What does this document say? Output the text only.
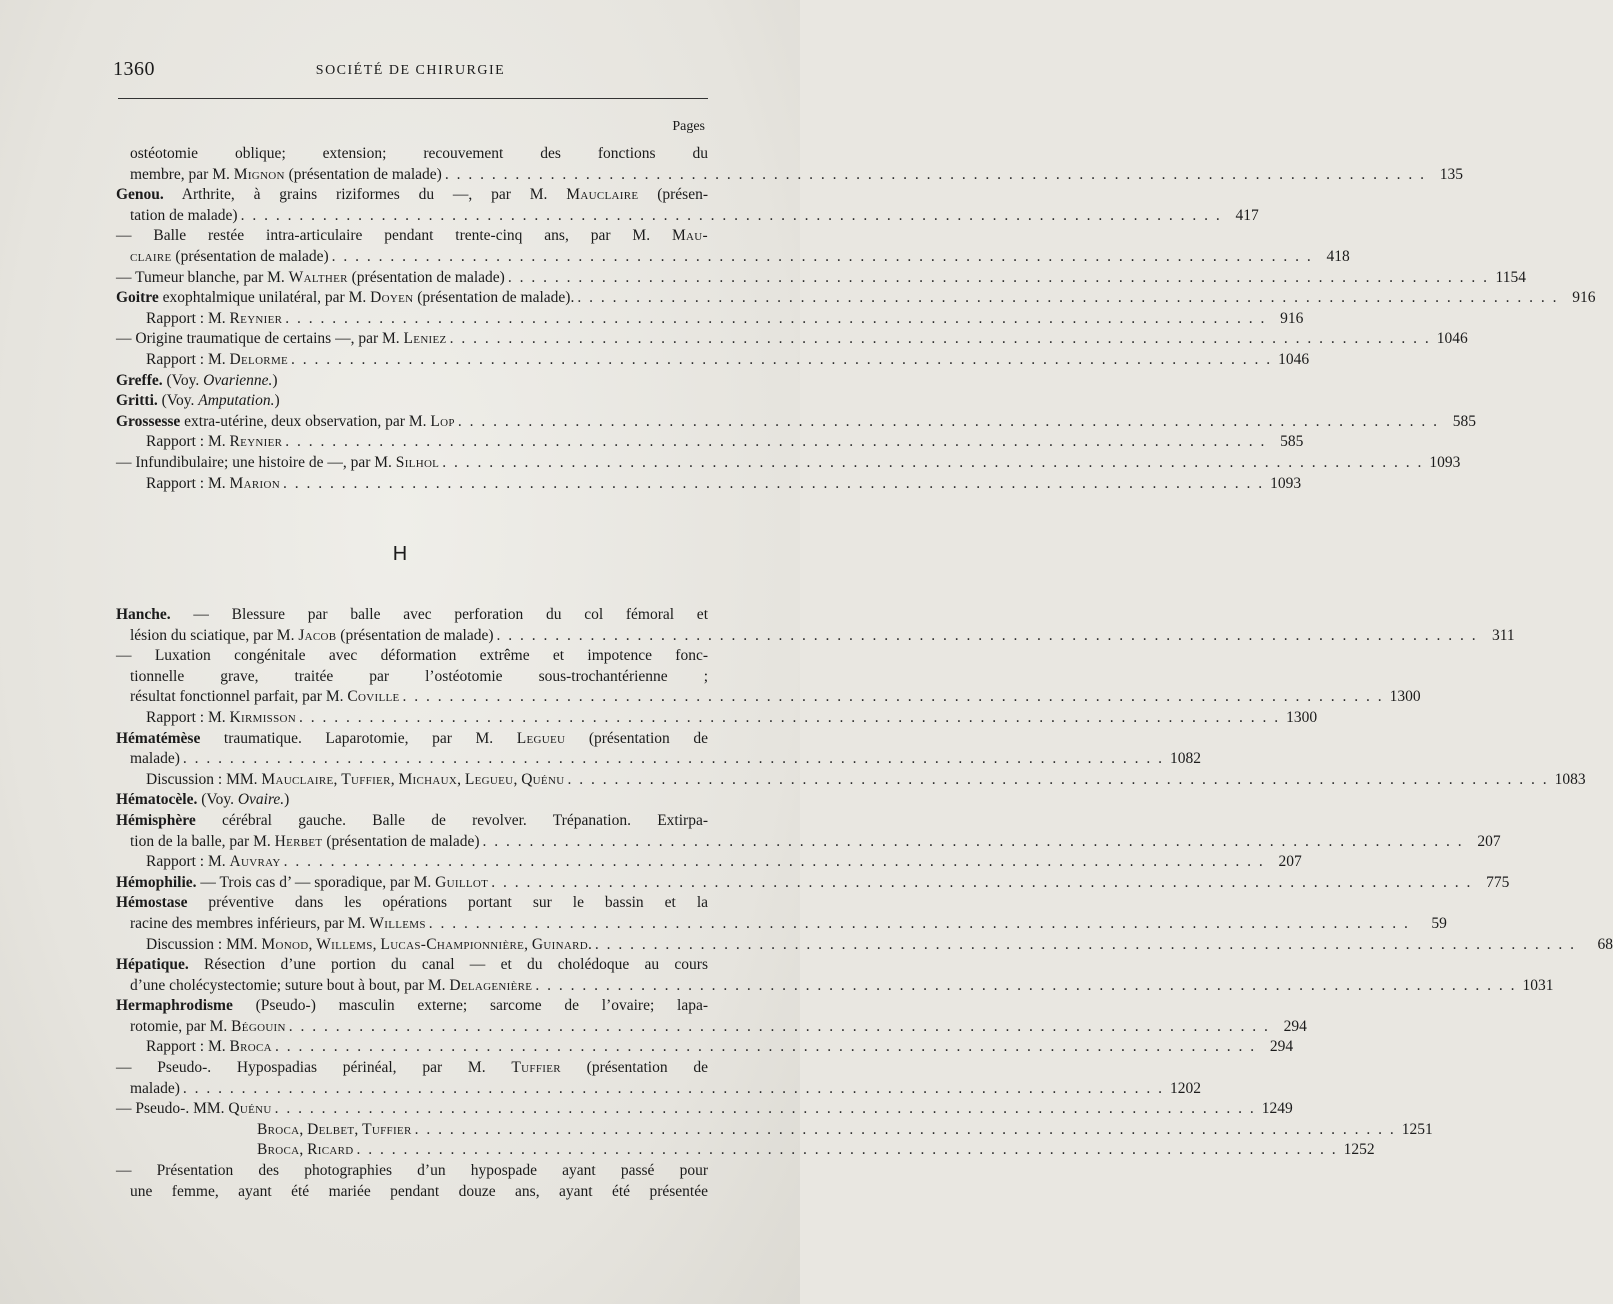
1360	SOCIÉTÉ DE CHIRURGIE
Pages
ostéotomie oblique; extension; recouvement des fonctions du
membre, par M. Mignon (présentation de malade) . . .	135
Genou. Arthrite, à grains riziformes du —, par M. Mauclaire (présen-
tation de malade) . . .	417
— Balle restée intra-articulaire pendant trente-cinq ans, par M. Mau-
claire (présentation de malade) . . .	418
— Tumeur blanche, par M. Walther (présentation de malade) . . .	1154
Goitre exophtalmique unilatéral, par M. Doyen (présentation de malade). . . .	916
Rapport : M. Reynier . . .	916
— Origine traumatique de certains —, par M. Leniez . . .	1046
Rapport : M. Delorme . . .	1046
Greffe. (Voy. Ovarienne.)
Gritti. (Voy. Amputation.)
Grossesse extra-utérine, deux observation, par M. Lop . . .	585
Rapport : M. Reynier . . .	585
— Infundibulaire; une histoire de —, par M. Silhol . . .	1093
Rapport : M. Marion . . .	1093
H
Hanche. — Blessure par balle avec perforation du col fémoral et
lésion du sciatique, par M. Jacob (présentation de malade) . . .	311
— Luxation congénitale avec déformation extrême et impotence fonc-
tionnelle grave, traitée par l’ostéotomie sous-trochantérienne ;
résultat fonctionnel parfait, par M. Coville . . .	1300
Rapport : M. Kirmisson . . .	1300
Hématémèse traumatique. Laparotomie, par M. Legueu (présentation de
malade) . . .	1082
Discussion : MM. Mauclaire, Tuffier, Michaux, Legueu, Quénu . . .	1083
Hématocèle. (Voy. Ovaire.)
Hémisphère cérébral gauche. Balle de revolver. Trépanation. Extirpa-
tion de la balle, par M. Herbet (présentation de malade) . . .	207
Rapport : M. Auvray . . .	207
Hémophilie. — Trois cas d’ — sporadique, par M. Guillot . . .	775
Hémostase préventive dans les opérations portant sur le bassin et la
racine des membres inférieurs, par M. Willems . . .	59
Discussion : MM. Monod, Willems, Lucas-Championnière, Guinard. . . .	68
Hépatique. Résection d’une portion du canal — et du cholédoque au cours
d’une cholécystectomie; suture bout à bout, par M. Delagenière . . .	1031
Hermaphrodisme (Pseudo-) masculin externe; sarcome de l’ovaire; lapa-
rotomie, par M. Bégouin . . .	294
Rapport : M. Broca . . .	294
— Pseudo-. Hypospadias périnéal, par M. Tuffier (présentation de
malade) . . .	1202
— Pseudo-. MM. Quénu . . .	1249
Broca, Delbet, Tuffier . . .	1251
Broca, Ricard . . .	1252
— Présentation des photographies d’un hypospade ayant passé pour
une femme, ayant été mariée pendant douze ans, ayant été présentée
